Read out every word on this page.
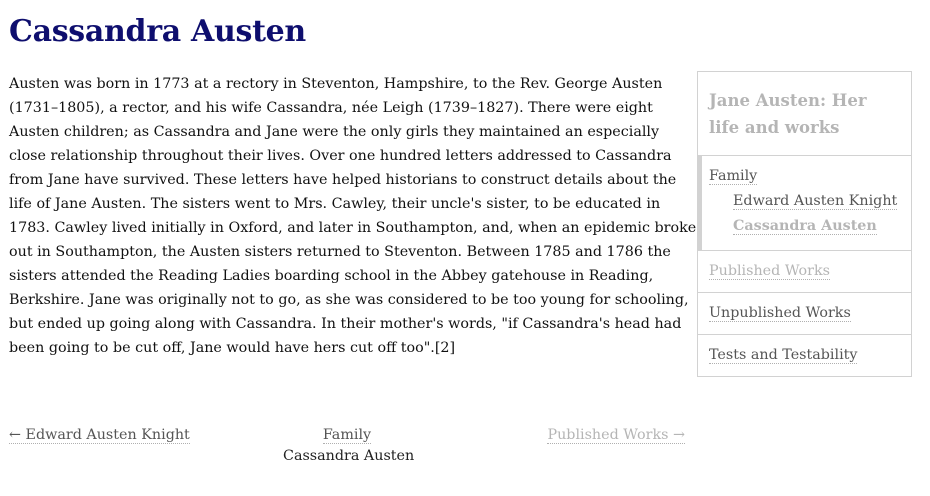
Cassandra Austen

Austen was born in 1773 at a rectory in Steventon, Hampshire, to the Rev. George Austen (1731–1805), a rector, and his wife Cassandra, née Leigh (1739–1827). There were eight Austen children; as Cassandra and Jane were the only girls they maintained an especially close relationship throughout their lives. Over one hundred letters addressed to Cassandra from Jane have survived. These letters have helped historians to construct details about the life of Jane Austen. The sisters went to Mrs. Cawley, their uncle's sister, to be educated in 1783. Cawley lived initially in Oxford, and later in Southampton, and, when an epidemic broke out in Southampton, the Austen sisters returned to Steventon. Between 1785 and 1786 the sisters attended the Reading Ladies boarding school in the Abbey gatehouse in Reading, Berkshire. Jane was originally not to go, as she was considered to be too young for schooling, but ended up going along with Cassandra. In their mother's words, "if Cassandra's head had been going to be cut off, Jane would have hers cut off too".[2]

Jane Austen: Her life and works
Family
Edward Austen Knight
Cassandra Austen
Published Works
Unpublished Works
Tests and Testability
← Edward Austen Knight	Family
Cassandra Austen
Published Works →
